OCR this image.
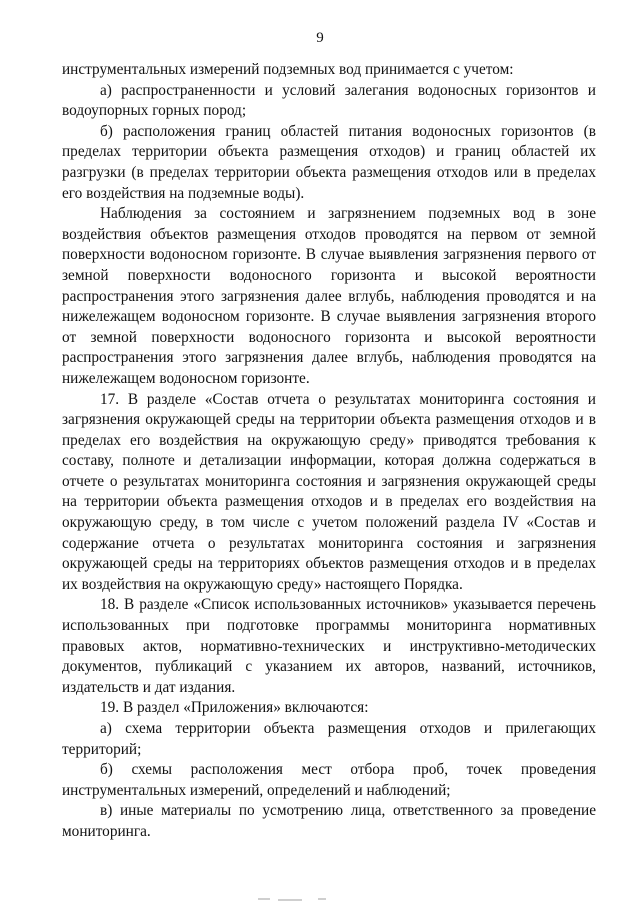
9

инструментальных измерений подземных вод принимается с учетом:

а) распространенности и условий залегания водоносных горизонтов и водоупорных горных пород;

б) расположения границ областей питания водоносных горизонтов (в пределах территории объекта размещения отходов) и границ областей их разгрузки (в пределах территории объекта размещения отходов или в пределах его воздействия на подземные воды).

Наблюдения за состоянием и загрязнением подземных вод в зоне воздействия объектов размещения отходов проводятся на первом от земной поверхности водоносном горизонте. В случае выявления загрязнения первого от земной поверхности водоносного горизонта и высокой вероятности распространения этого загрязнения далее вглубь, наблюдения проводятся и на нижележащем водоносном горизонте. В случае выявления загрязнения второго от земной поверхности водоносного горизонта и высокой вероятности распространения этого загрязнения далее вглубь, наблюдения проводятся на нижележащем водоносном горизонте.

17. В разделе «Состав отчета о результатах мониторинга состояния и загрязнения окружающей среды на территории объекта размещения отходов и в пределах его воздействия на окружающую среду» приводятся требования к составу, полноте и детализации информации, которая должна содержаться в отчете о результатах мониторинга состояния и загрязнения окружающей среды на территории объекта размещения отходов и в пределах его воздействия на окружающую среду, в том числе с учетом положений раздела IV «Состав и содержание отчета о результатах мониторинга состояния и загрязнения окружающей среды на территориях объектов размещения отходов и в пределах их воздействия на окружающую среду» настоящего Порядка.

18. В разделе «Список использованных источников» указывается перечень использованных при подготовке программы мониторинга нормативных правовых актов, нормативно-технических и инструктивно-методических документов, публикаций с указанием их авторов, названий, источников, издательств и дат издания.

19. В раздел «Приложения» включаются:

а) схема территории объекта размещения отходов и прилегающих территорий;

б) схемы расположения мест отбора проб, точек проведения инструментальных измерений, определений и наблюдений;

в) иные материалы по усмотрению лица, ответственного за проведение мониторинга.
